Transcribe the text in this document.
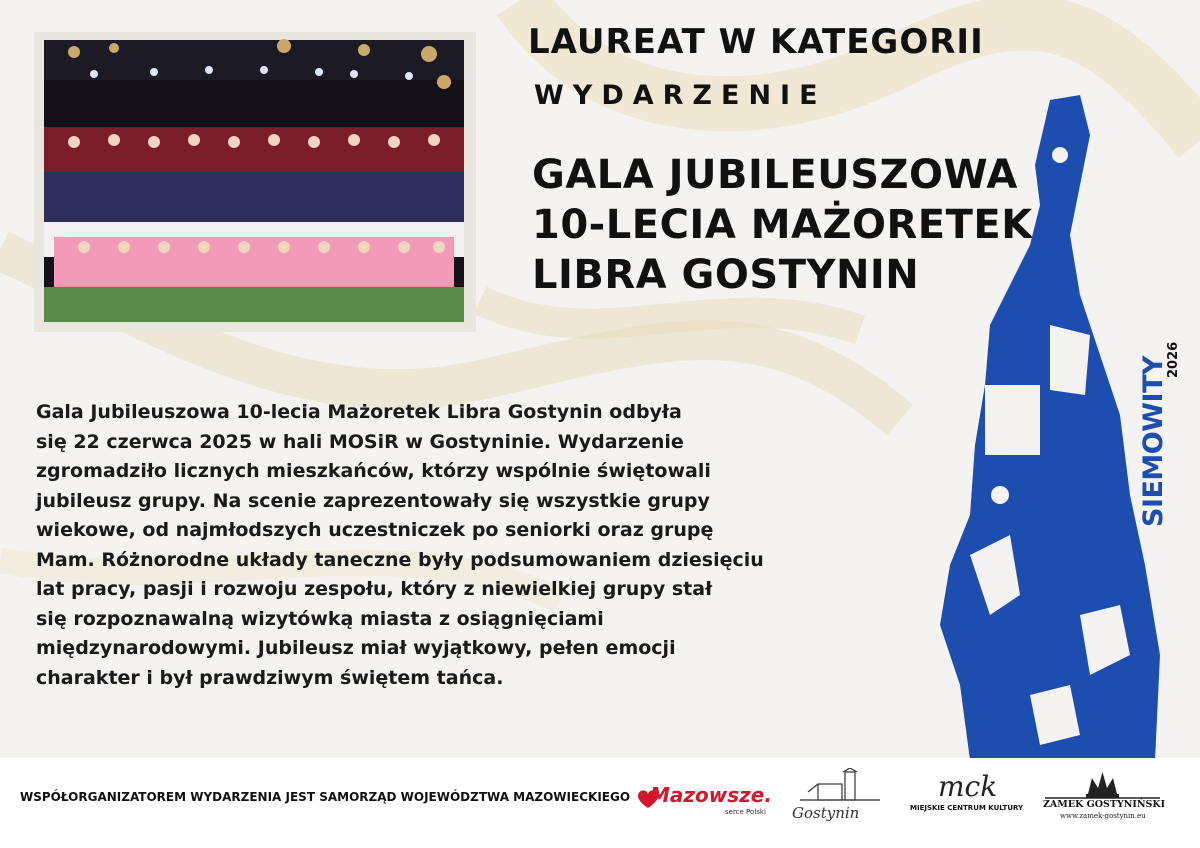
LAUREAT W KATEGORII
WYDARZENIE
GALA JUBILEUSZOWA
10-LECIA MAŻORETEK
LIBRA GOSTYNIN
Gala Jubileuszowa 10-lecia Mażoretek Libra Gostynin odbyła
się 22 czerwca 2025 w hali MOSiR w Gostyninie. Wydarzenie
zgromadziło licznych mieszkańców, którzy wspólnie świętowali
jubileusz grupy. Na scenie zaprezentowały się wszystkie grupy
wiekowe, od najmłodszych uczestniczek po seniorki oraz grupę
Mam. Różnorodne układy taneczne były podsumowaniem dziesięciu
lat pracy, pasji i rozwoju zespołu, który z niewielkiej grupy stał
się rozpoznawalną wizytówką miasta z osiągnięciami
międzynarodowymi. Jubileusz miał wyjątkowy, pełen emocji
charakter i był prawdziwym świętem tańca.
SIEMOWITY
2026
WSPÓŁORGANIZATOREM WYDARZENIA JEST SAMORZĄD WOJEWÓDZTWA MAZOWIECKIEGO Mazowsze.
serce Polski Gostynin
mck
MIEJSKIE CENTRUM KULTURY ZAMEK GOSTYNIŃSKI
www.zamek-gostynin.eu
